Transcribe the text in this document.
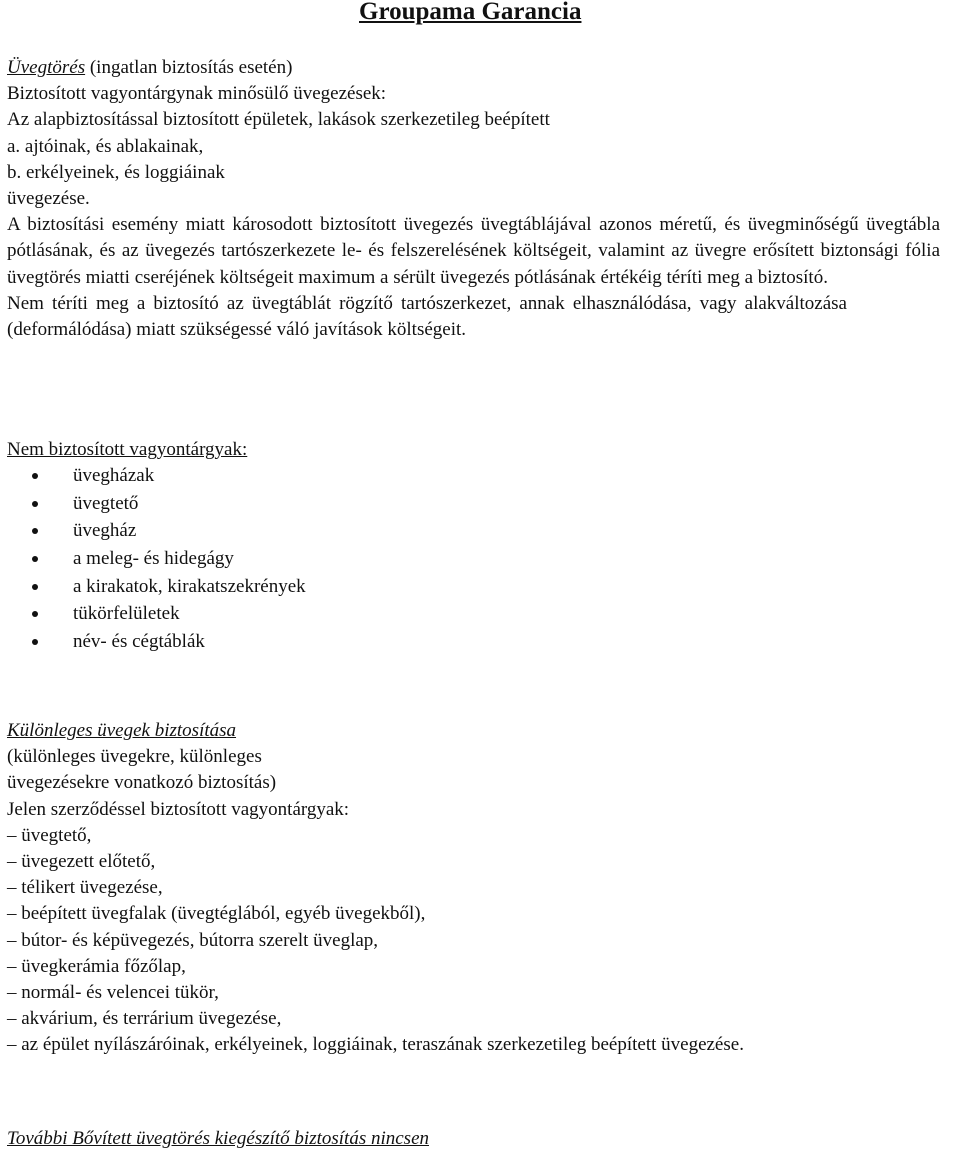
Groupama Garancia
Üvegtörés (ingatlan biztosítás esetén)
Biztosított vagyontárgynak minősülő üvegezések:
Az alapbiztosítással biztosított épületek, lakások szerkezetileg beépített
a. ajtóinak, és ablakainak,
b. erkélyeinek, és loggiáinak
üvegezése.
A biztosítási esemény miatt károsodott biztosított üvegezés üvegtáblájával azonos méretű, és üvegminőségű üvegtábla pótlásának, és az üvegezés tartószerkezete le- és felszerelésének költségeit, valamint az üvegre erősített biztonsági fólia üvegtörés miatti cseréjének költségeit maximum a sérült üvegezés pótlásának értékéig téríti meg a biztosító.
Nem téríti meg a biztosító az üvegtáblát rögzítő tartószerkezet, annak elhasználódása, vagy alakváltozása (deformálódása) miatt szükségessé váló javítások költségeit.
Nem biztosított vagyontárgyak:
üvegházak
üvegtető
üvegház
a meleg- és hidegágy
a kirakatok, kirakatszekrények
tükörfelületek
név- és cégtáblák
Különleges üvegek biztosítása
(különleges üvegekre, különleges
üvegezésekre vonatkozó biztosítás)
Jelen szerződéssel biztosított vagyontárgyak:
– üvegtető,
– üvegezett előtető,
– télikert üvegezése,
– beépített üvegfalak (üvegtéglából, egyéb üvegekből),
– bútor- és képüvegezés, bútorra szerelt üveglap,
– üvegkerámia főzőlap,
– normál- és velencei tükör,
– akvárium, és terrárium üvegezése,
– az épület nyílászáróinak, erkélyeinek, loggiáinak, teraszának szerkezetileg beépített üvegezése.
További Bővített üvegtörés kiegészítő biztosítás nincsen
